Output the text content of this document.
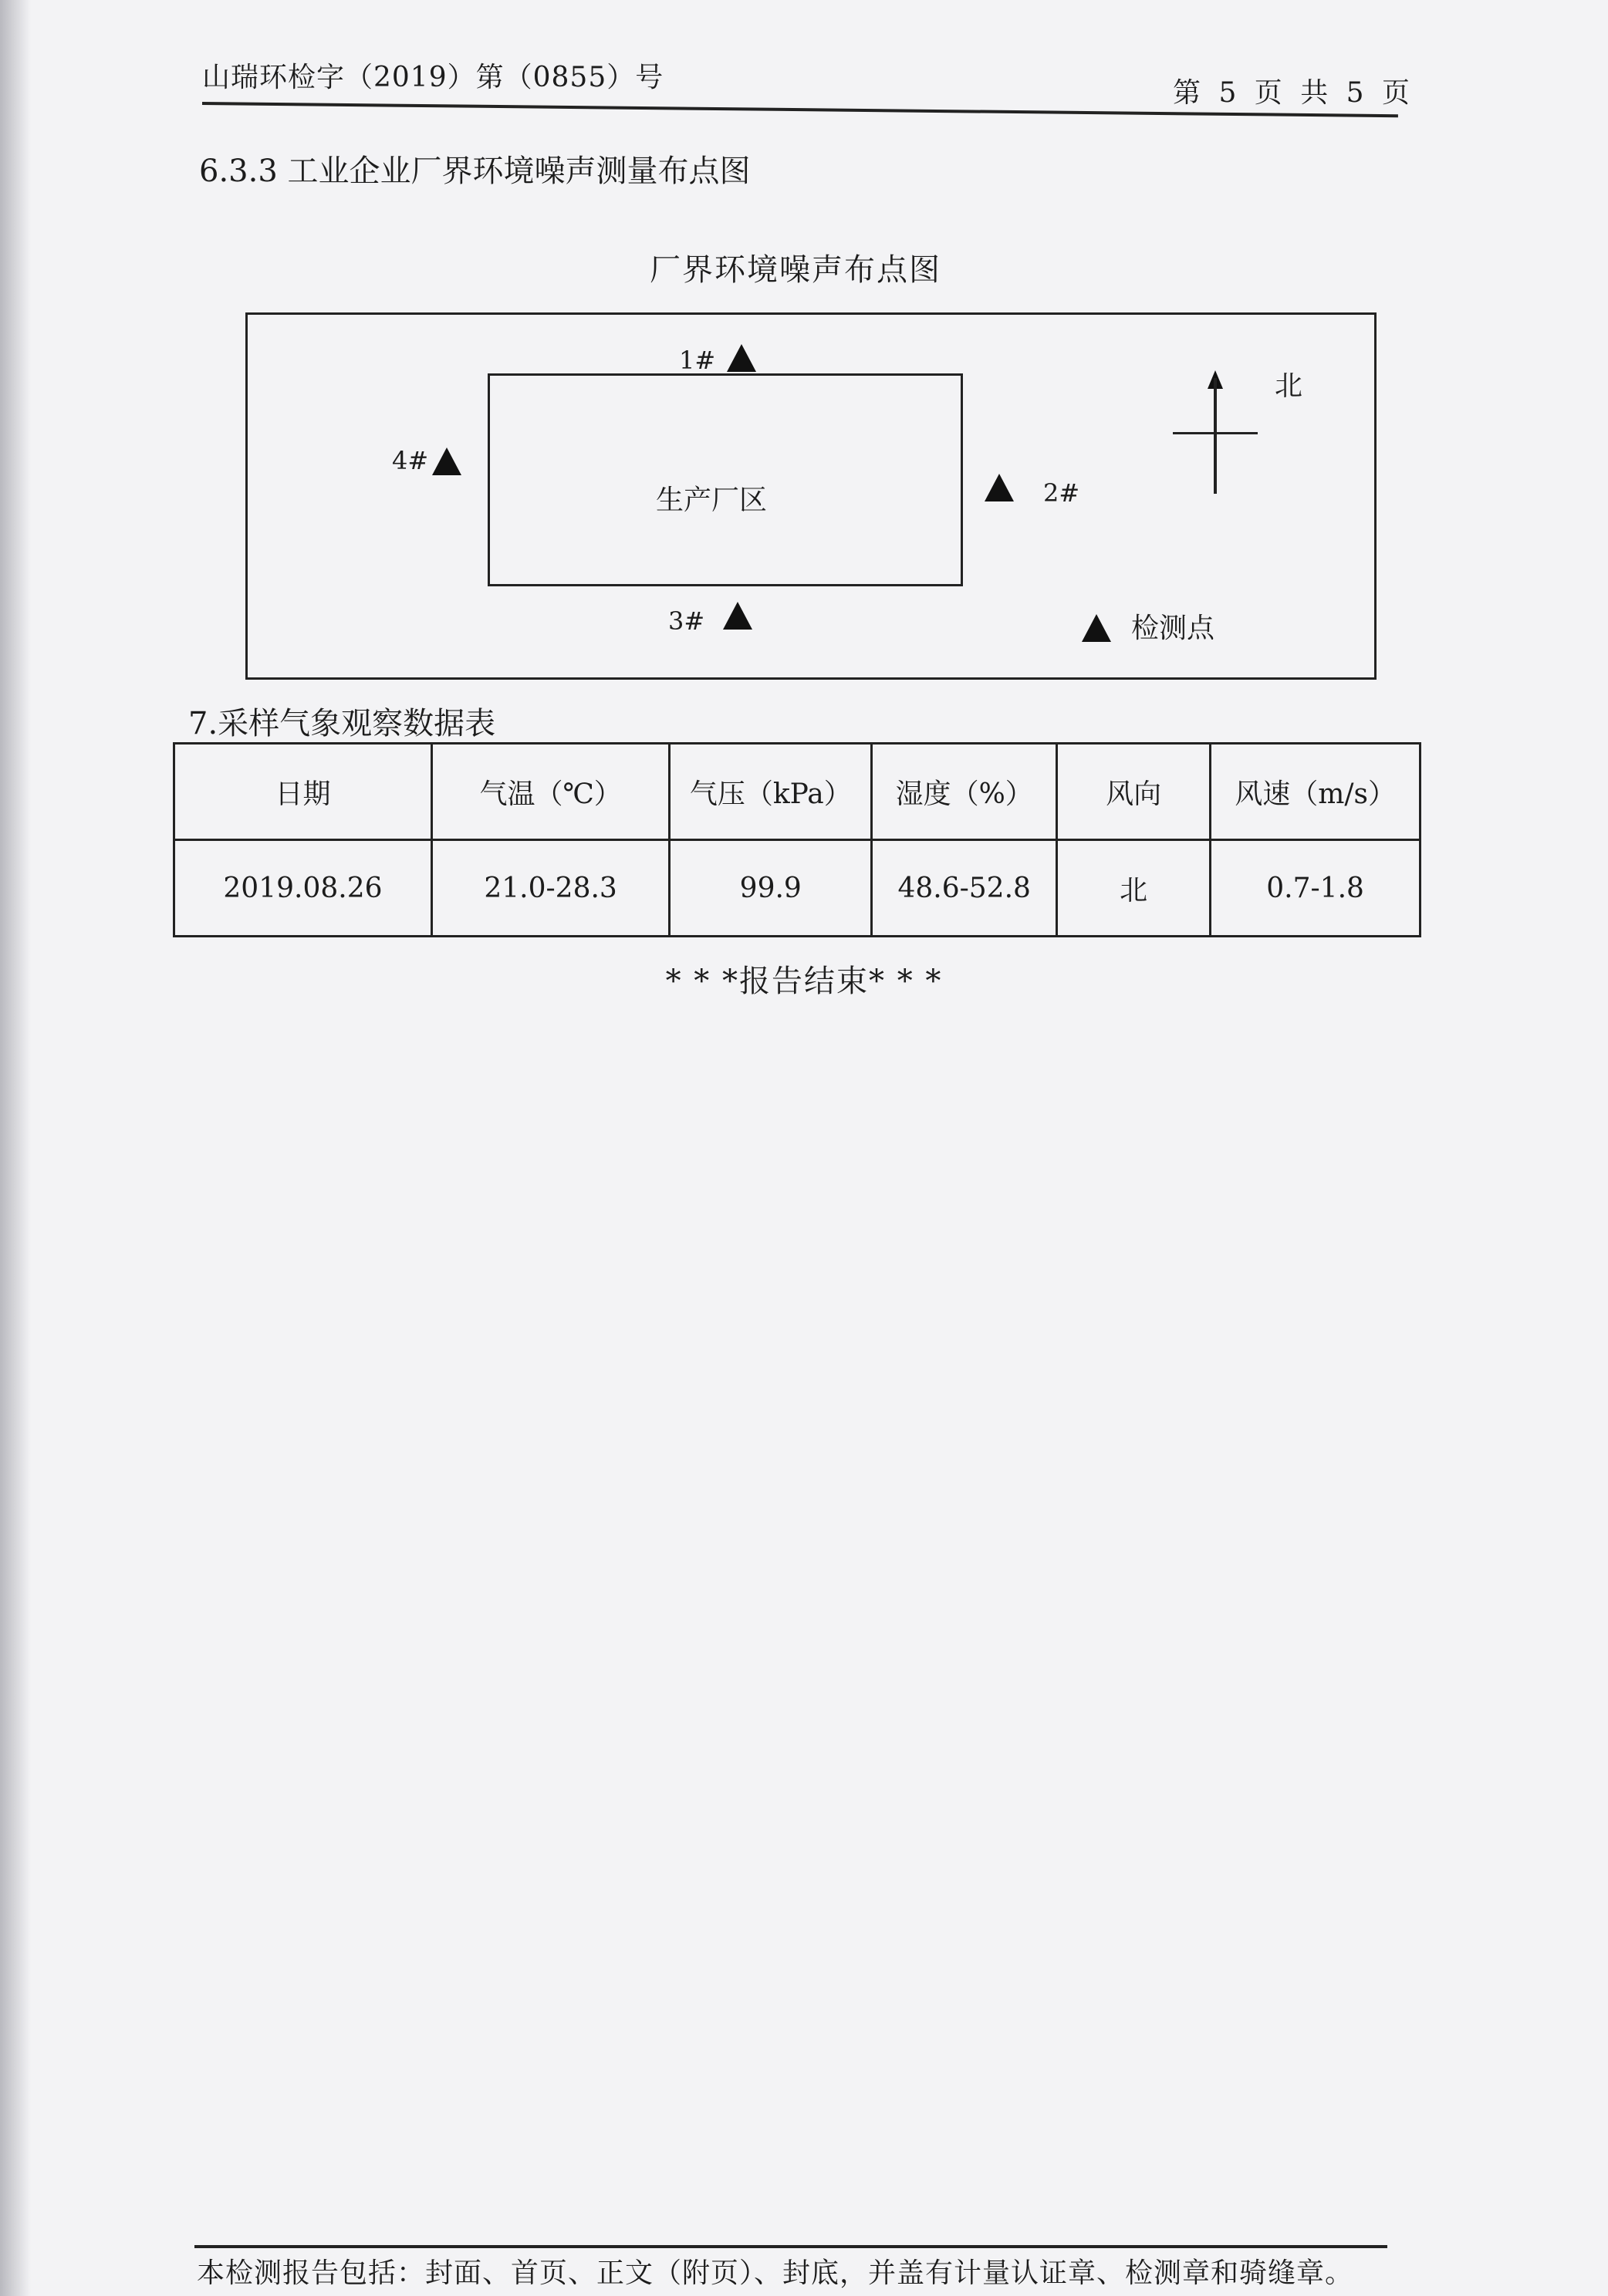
山瑞环检字（2019）第（0855）号	第 5 页 共 5 页
6.3.3 工业企业厂界环境噪声测量布点图
厂界环境噪声布点图
生产厂区
1#
2#
3#
4#
北
检测点
7.采样气象观察数据表
日期	气温（℃）	气压（kPa）	湿度（%）	风向	风速（m/s）
2019.08.26	21.0-28.3	99.9	48.6-52.8	北	0.7-1.8
* * *报告结束* * *
本检测报告包括：封面、首页、正文（附页）、封底，并盖有计量认证章、检测章和骑缝章。
